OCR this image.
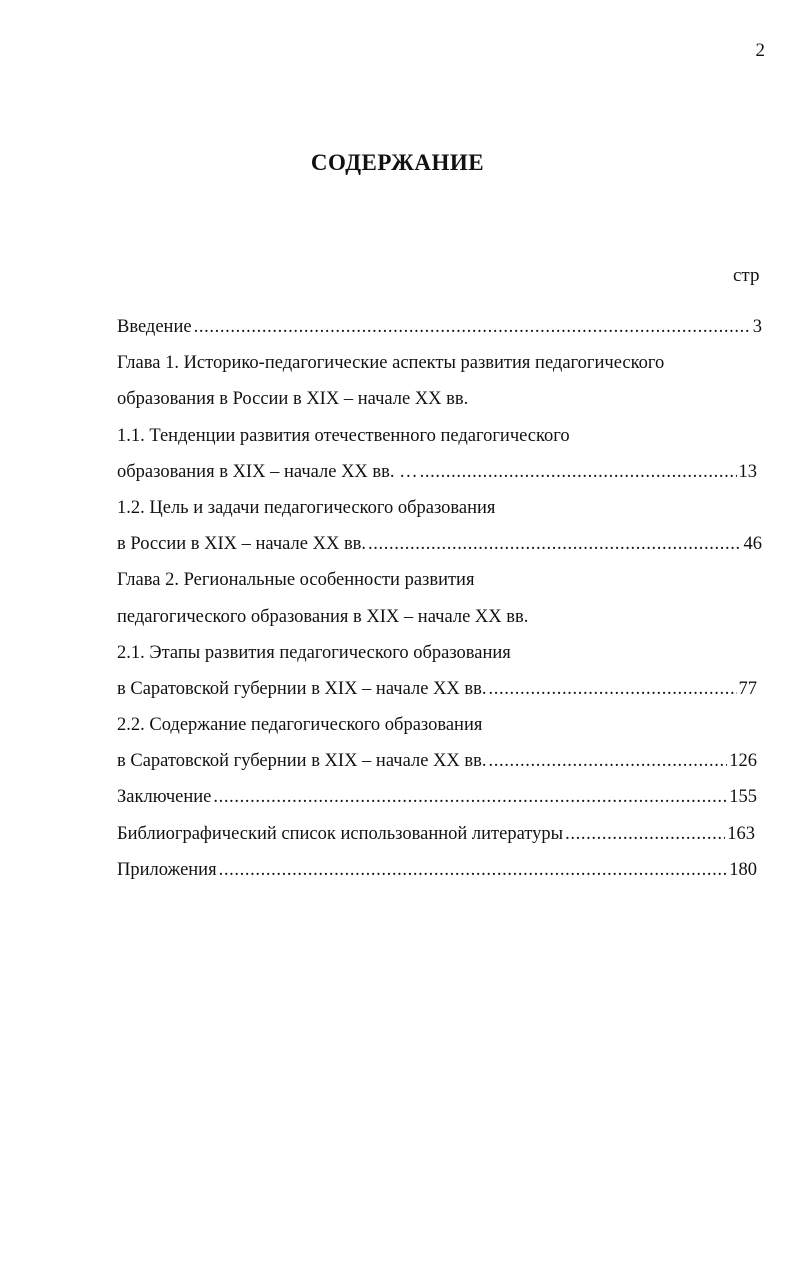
2
СОДЕРЖАНИЕ
стр
Введение . . .	3
Глава 1. Историко-педагогические аспекты развития педагогического
образования в России в XIX – начале XX вв.
1.1. Тенденции развития отечественного педагогического
образования в XIX – начале XX вв. … . . .	13
1.2. Цель и задачи педагогического образования
в России в XIX – начале XX вв. . . .	46
Глава 2. Региональные особенности развития
педагогического образования в XIX – начале XX вв.
2.1. Этапы развития педагогического образования
в Саратовской губернии в XIX – начале XX вв. . . .	77
2.2. Содержание педагогического образования
в Саратовской губернии в XIX – начале XX вв. . . .	126
Заключение . . .	155
Библиографический список использованной литературы . . .	163
Приложения . . .	180
